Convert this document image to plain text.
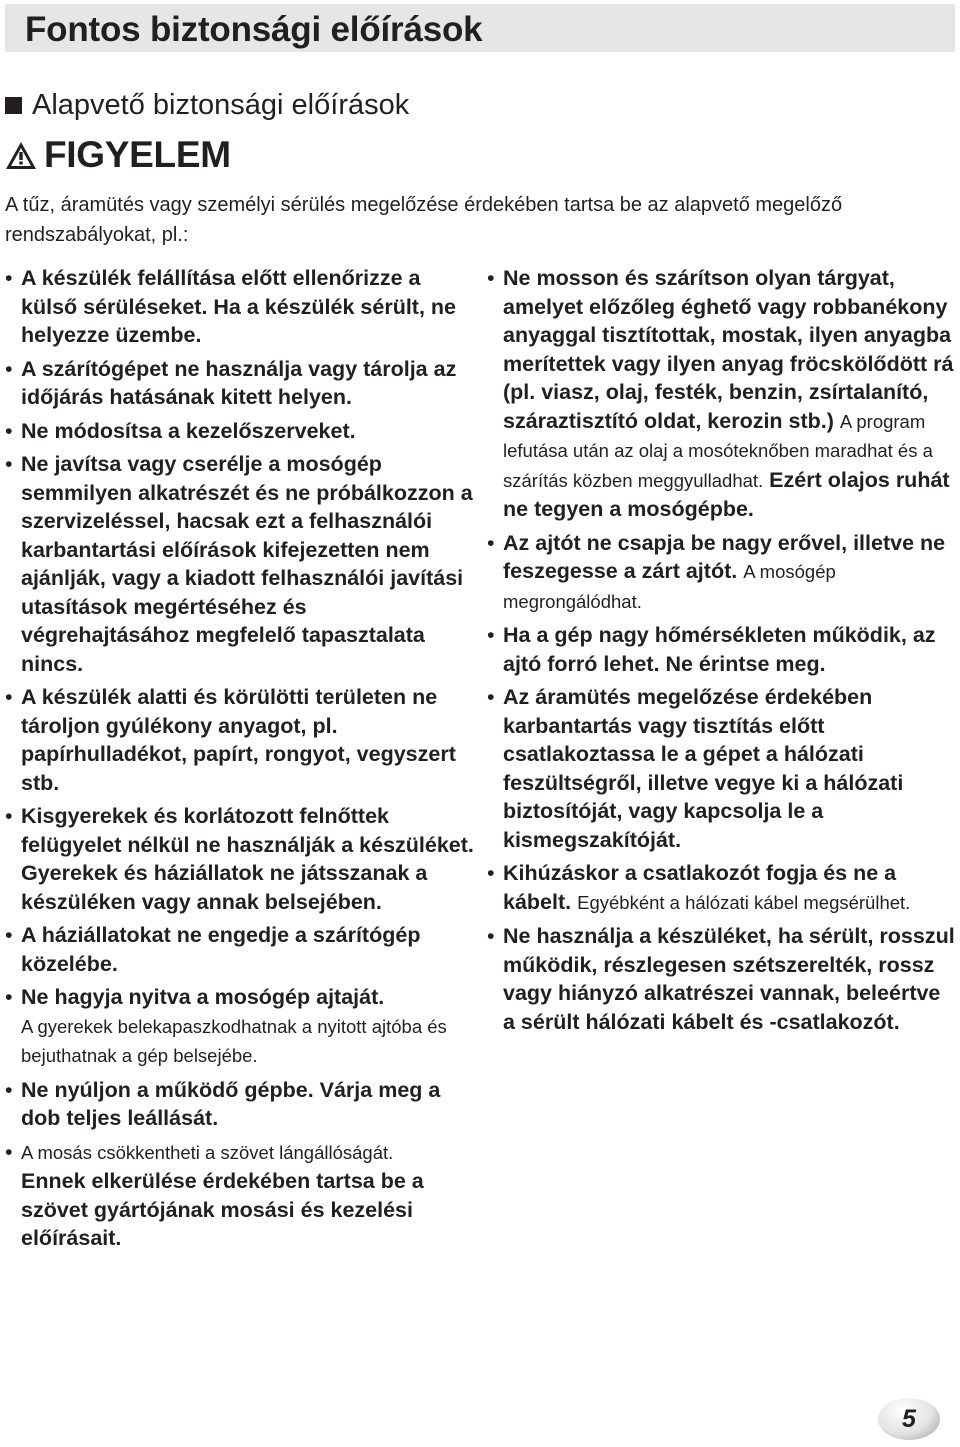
Fontos biztonsági előírások
Alapvető biztonsági előírások
FIGYELEM
A tűz, áramütés vagy személyi sérülés megelőzése érdekében tartsa be az alapvető megelőző rendszabályokat, pl.:
• A készülék felállítása előtt ellenőrizze a külső sérüléseket. Ha a készülék sérült, ne helyezze üzembe.
• A szárítógépet ne használja vagy tárolja az időjárás hatásának kitett helyen.
• Ne módosítsa a kezelőszerveket.
• Ne javítsa vagy cserélje a mosógép semmilyen alkatrészét és ne próbálkozzon a szervizeléssel, hacsak ezt a felhasználói karbantartási előírások kifejezetten nem ajánlják, vagy a kiadott felhasználói javítási utasítások megértéséhez és végrehajtásához megfelelő tapasztalata nincs.
• A készülék alatti és körülötti területen ne tároljon gyúlékony anyagot, pl. papírhulladékot, papírt, rongyot, vegyszert stb.
• Kisgyerekek és korlátozott felnőttek felügyelet nélkül ne használják a készüléket. Gyerekek és háziállatok ne játsszanak a készüléken vagy annak belsejében.
• A háziállatokat ne engedje a szárítógép közelébe.
• Ne hagyja nyitva a mosógép ajtaját.
A gyerekek belekapaszkodhatnak a nyitott ajtóba és bejuthatnak a gép belsejébe.
• Ne nyúljon a működő gépbe. Várja meg a dob teljes leállását.
• A mosás csökkentheti a szövet lángállóságát.
Ennek elkerülése érdekében tartsa be a szövet gyártójának mosási és kezelési előírásait.
• Ne mosson és szárítson olyan tárgyat, amelyet előzőleg éghető vagy robbanékony anyaggal tisztítottak, mostak, ilyen anyagba merítettek vagy ilyen anyag fröcskölődött rá (pl. viasz, olaj, festék, benzin, zsírtalanító, száraztisztító oldat, kerozin stb.) A program lefutása után az olaj a mosóteknőben maradhat és a szárítás közben meggyulladhat. Ezért olajos ruhát ne tegyen a mosógépbe.
• Az ajtót ne csapja be nagy erővel, illetve ne feszegesse a zárt ajtót. A mosógép megrongálódhat.
• Ha a gép nagy hőmérsékleten működik, az ajtó forró lehet. Ne érintse meg.
• Az áramütés megelőzése érdekében karbantartás vagy tisztítás előtt csatlakoztassa le a gépet a hálózati feszültségről, illetve vegye ki a hálózati biztosítóját, vagy kapcsolja le a kismegszakítóját.
• Kihúzáskor a csatlakozót fogja és ne a kábelt. Egyébként a hálózati kábel megsérülhet.
• Ne használja a készüléket, ha sérült, rosszul működik, részlegesen szétszerelték, rossz vagy hiányzó alkatrészei vannak, beleértve a sérült hálózati kábelt és -csatlakozót.
5
